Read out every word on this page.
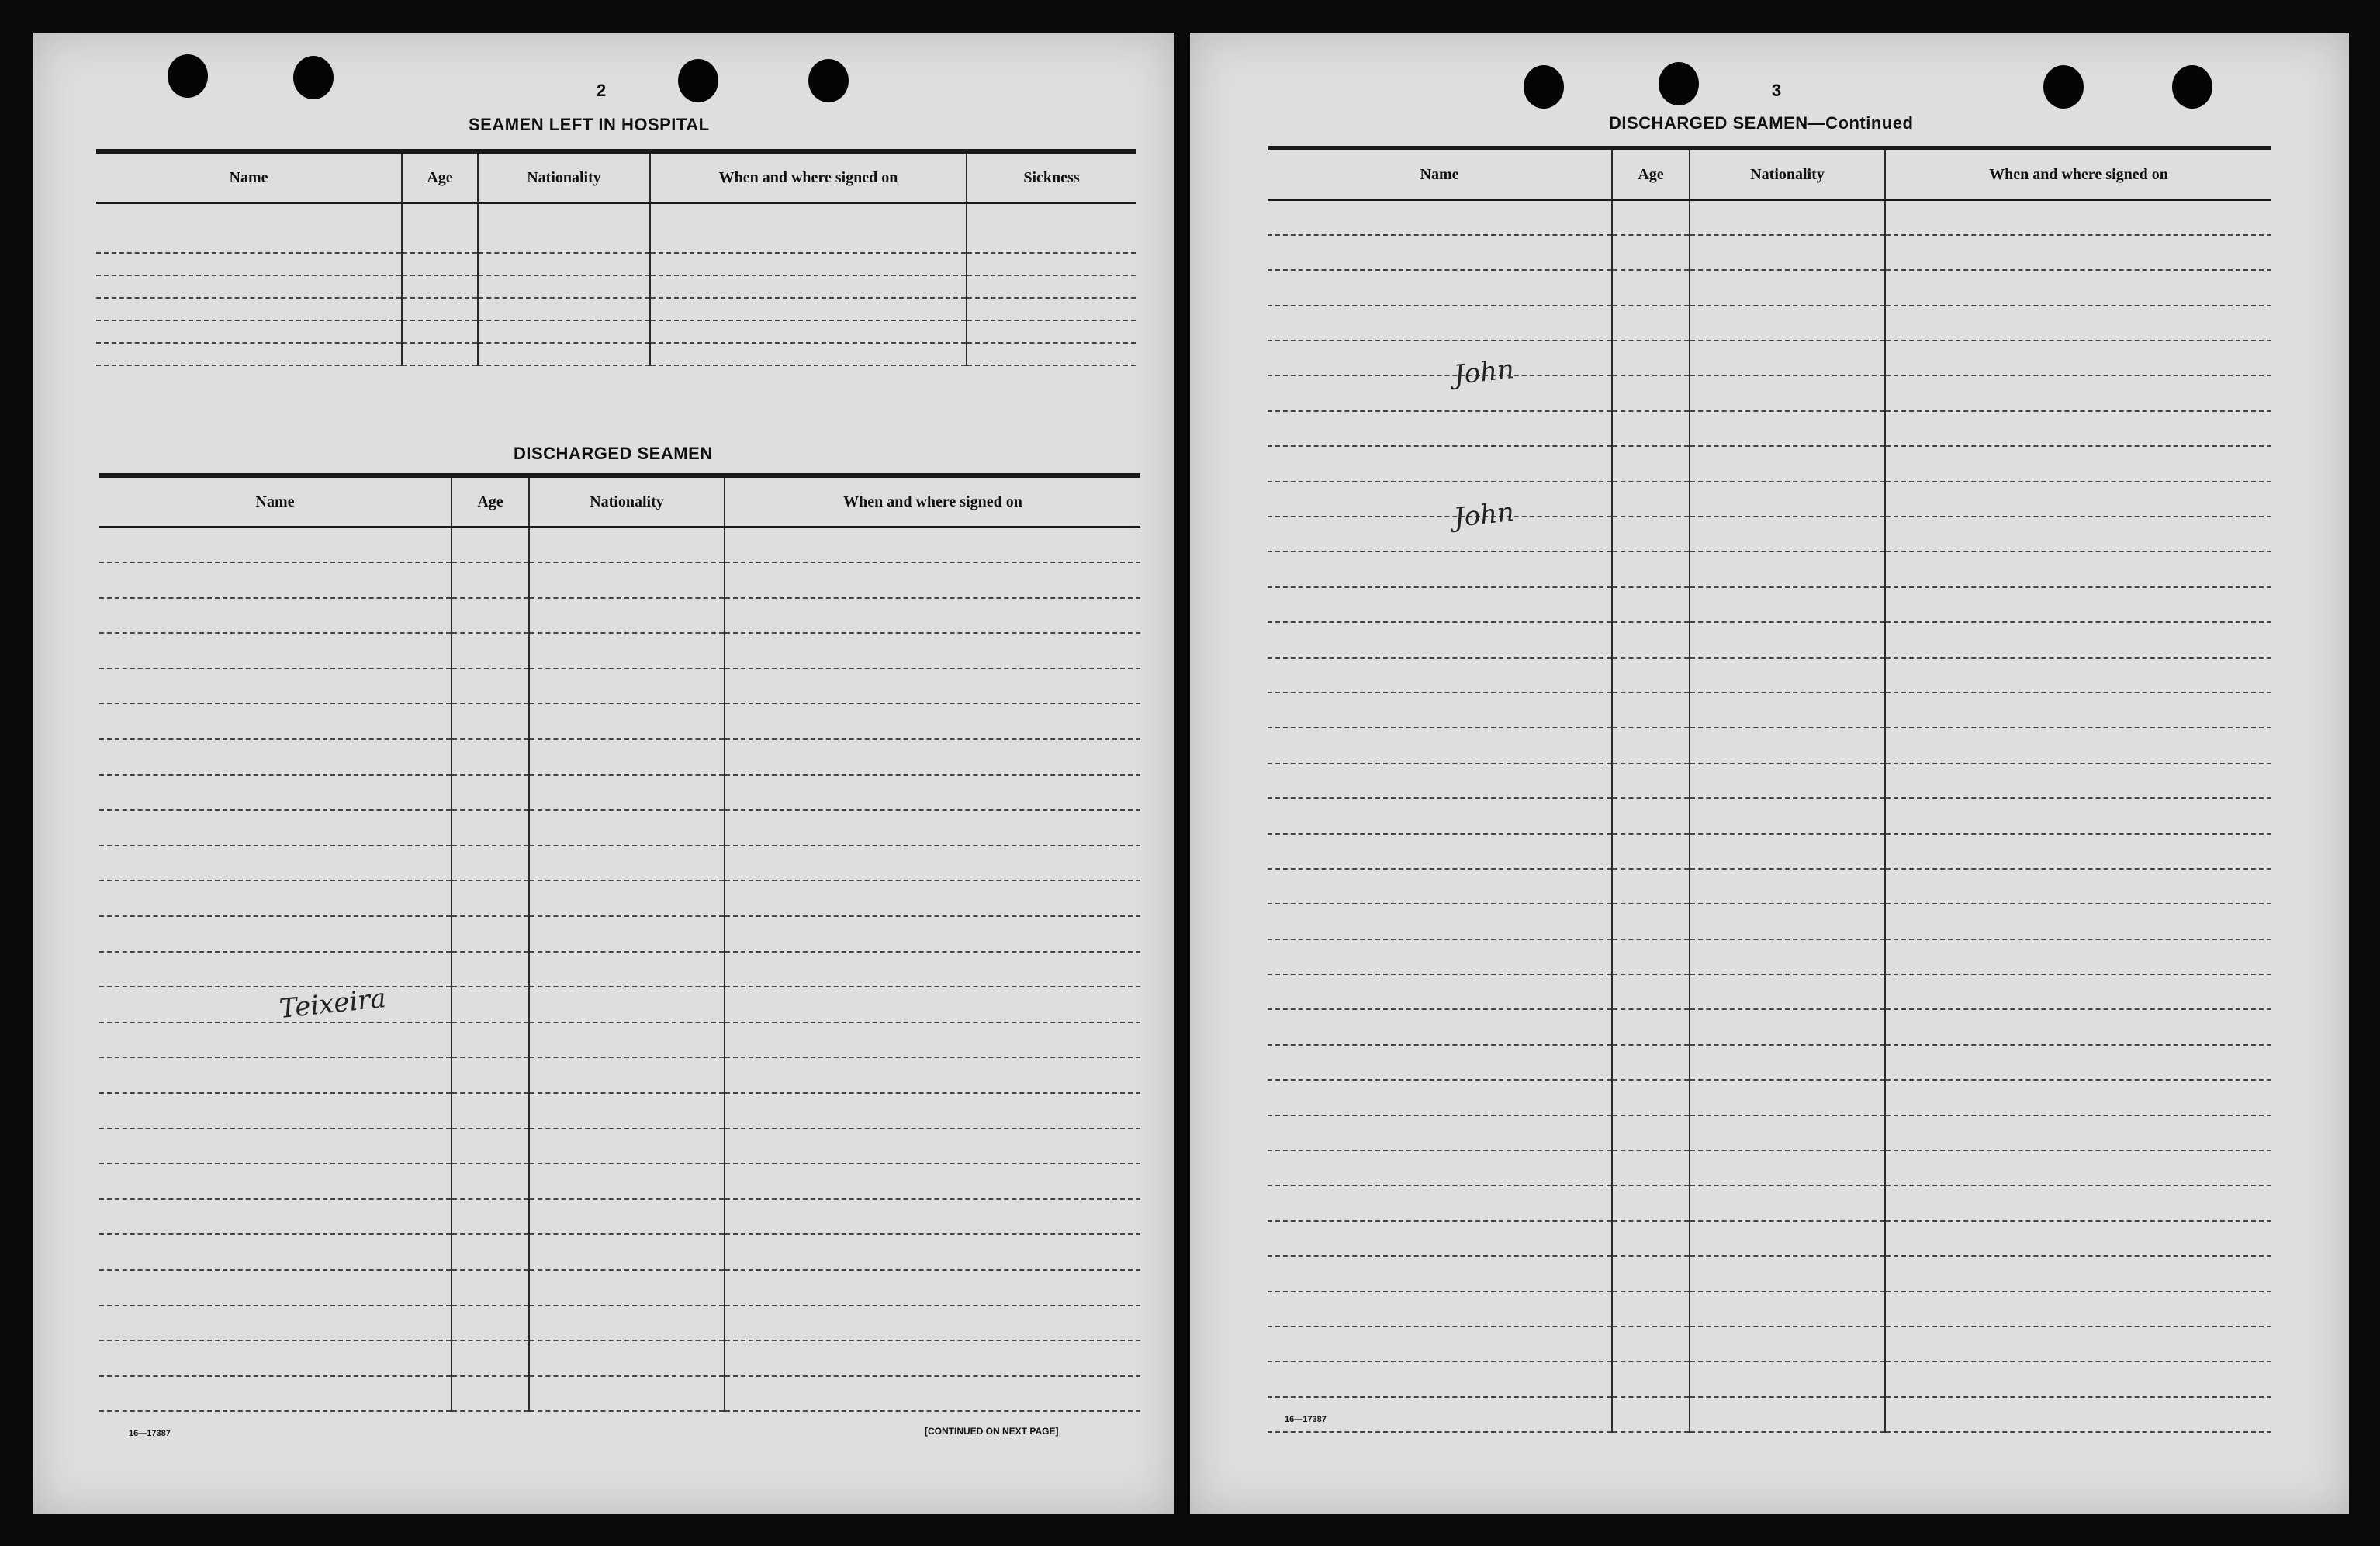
2
SEAMEN LEFT IN HOSPITAL
Name	Age	Nationality	When and where signed on	Sickness

DISCHARGED SEAMEN
Name	Age	Nationality	When and where signed on

Teixeira
16—17387	[CONTINUED ON NEXT PAGE]
3
DISCHARGED SEAMEN—Continued
Name	Age	Nationality	When and where signed on

John
John
16—17387
